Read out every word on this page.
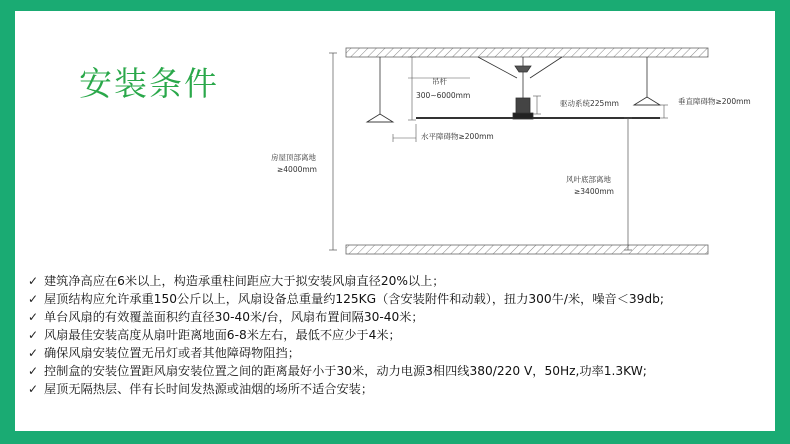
安装条件	吊杆
300~6000mm
驱动系统225mm	垂直障碍物≥200mm
水平障碍物≥200mm
房屋顶部离地
≥4000mm
风叶底部离地
≥3400mm
✓ 建筑净高应在6米以上，构造承重柱间距应大于拟安装风扇直径20%以上；
✓ 屋顶结构应允许承重150公斤以上，风扇设备总重量约125KG（含安装附件和动载），扭力300牛/米，噪音＜39db;
✓ 单台风扇的有效覆盖面积约直径30-40米/台，风扇布置间隔30-40米；
✓ 风扇最佳安装高度从扇叶距离地面6-8米左右，最低不应少于4米；
✓ 确保风扇安装位置无吊灯或者其他障碍物阻挡；
✓ 控制盒的安装位置距风扇安装位置之间的距离最好小于30米，动力电源3相四线380/220 V，50Hz,功率1.3KW;
✓ 屋顶无隔热层、伴有长时间发热源或油烟的场所不适合安装；
